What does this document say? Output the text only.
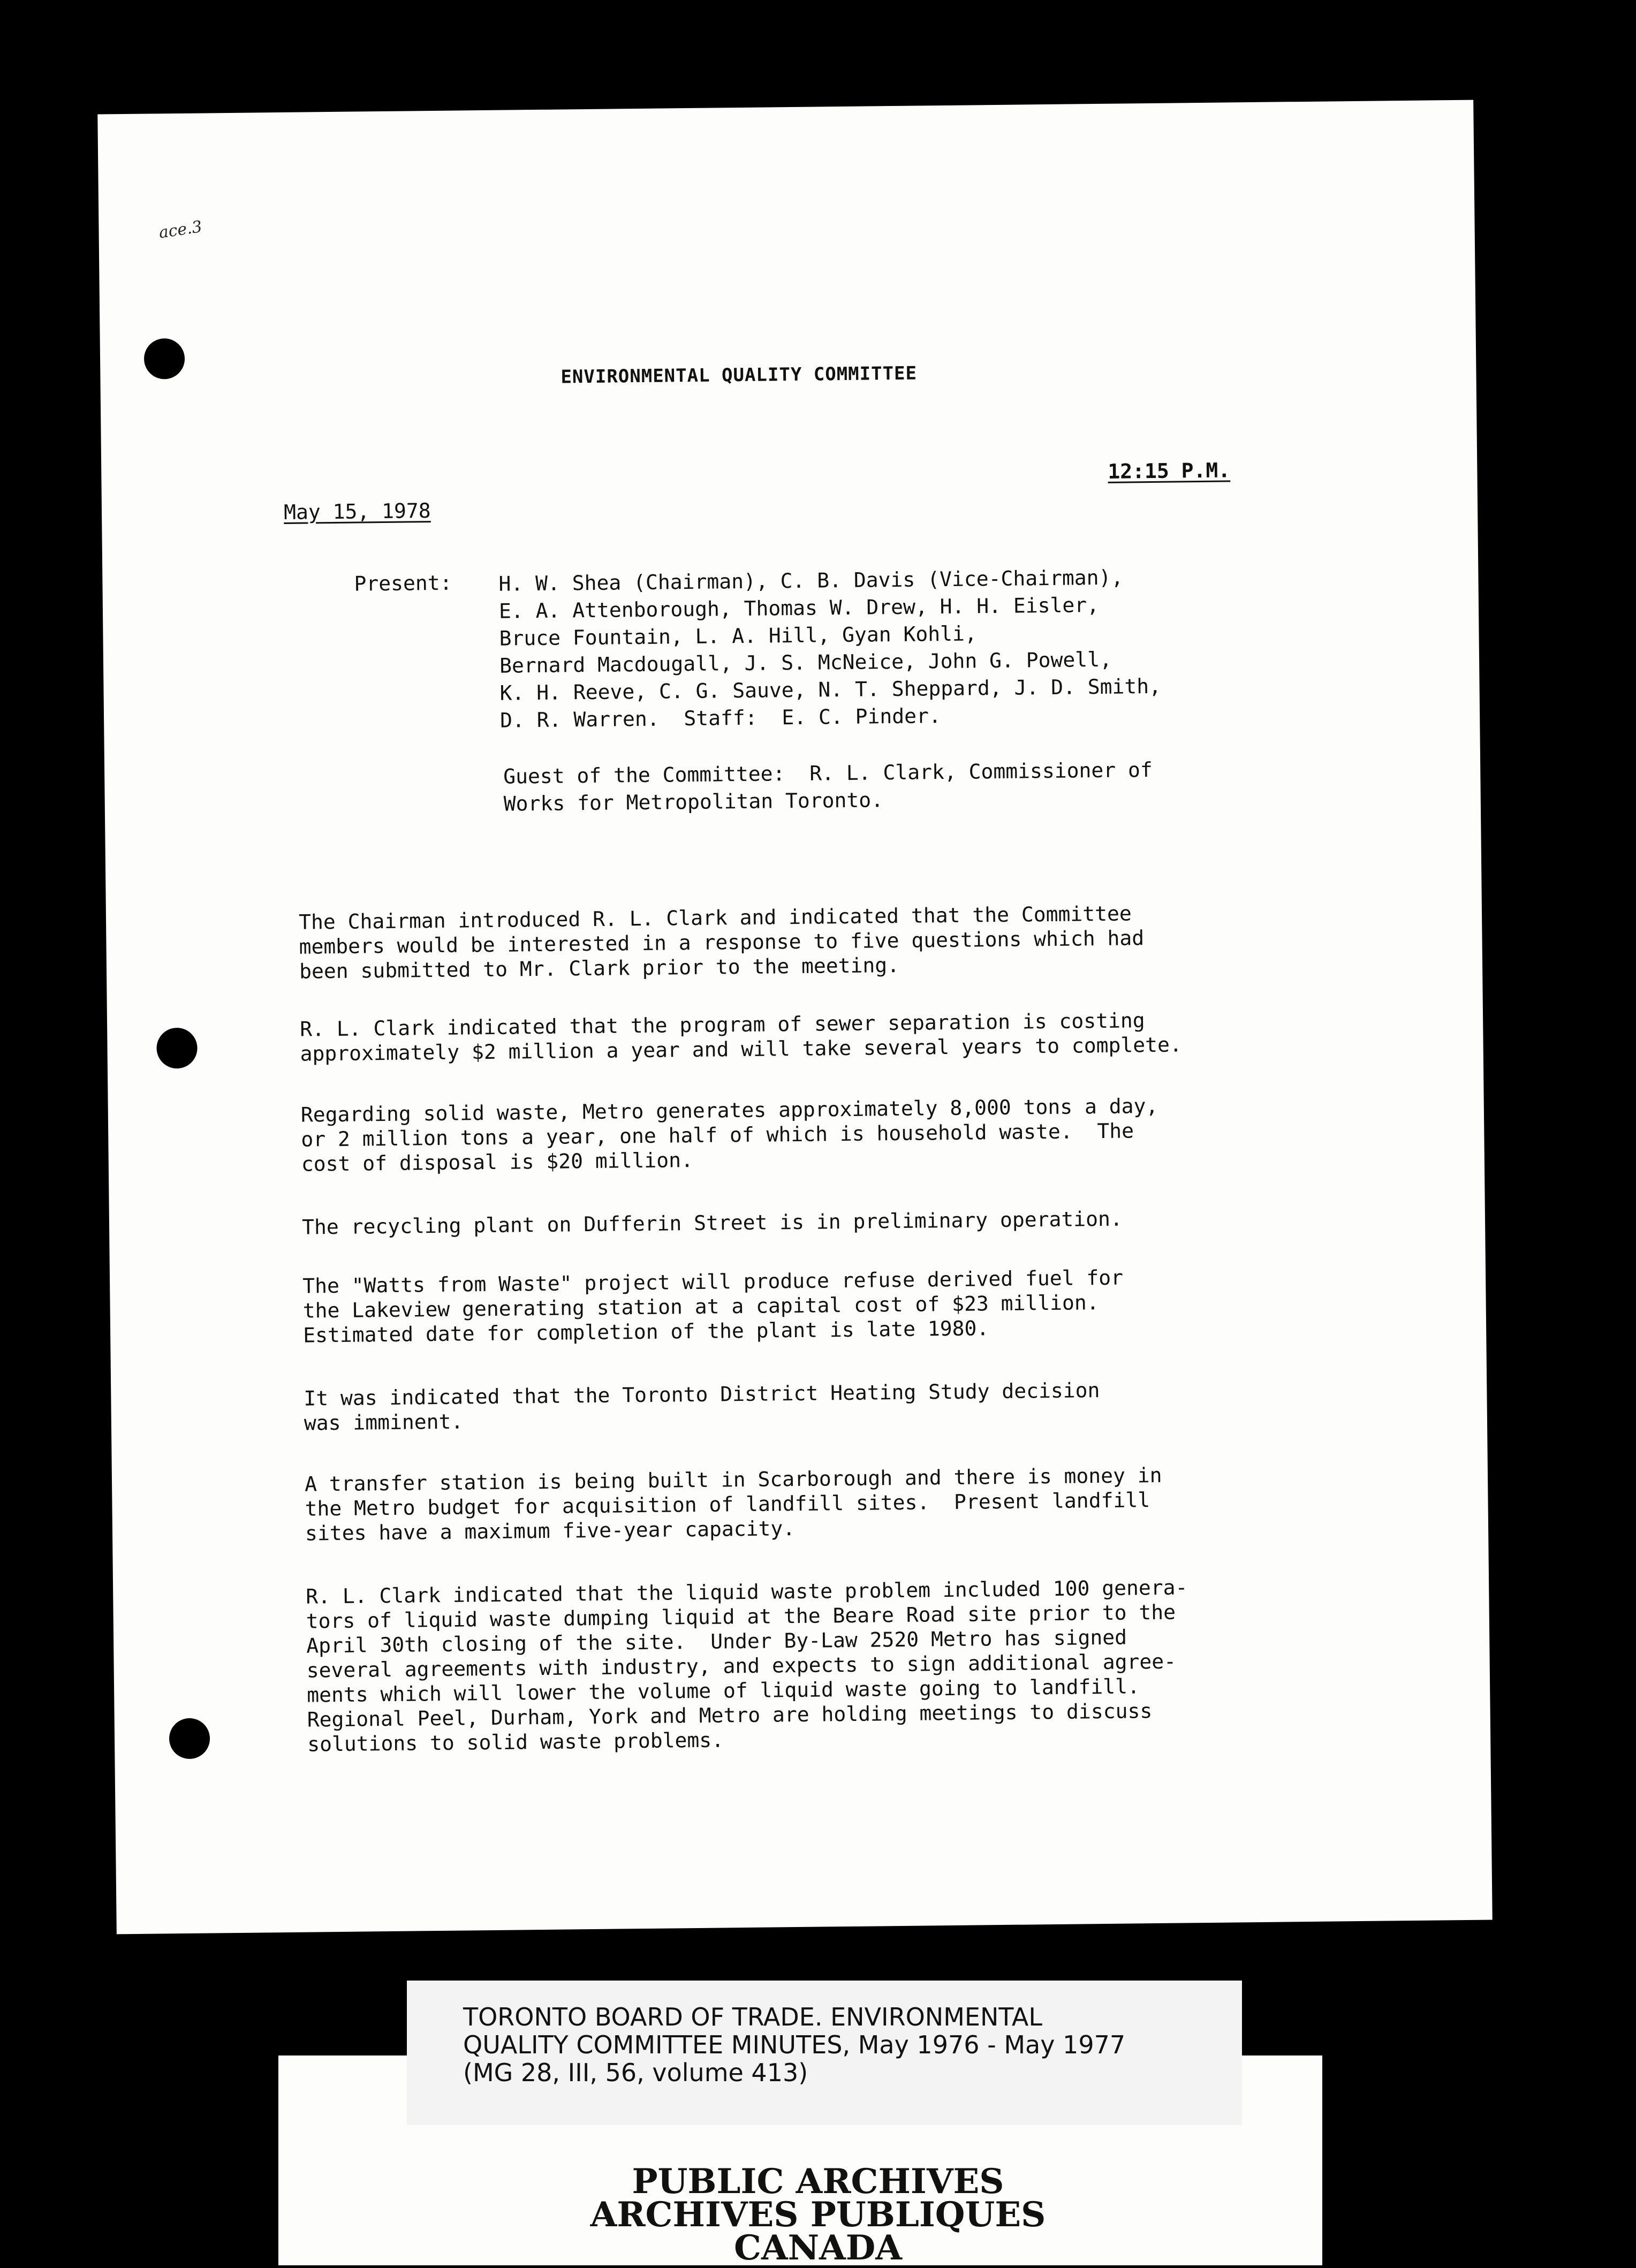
ace.3
ENVIRONMENTAL QUALITY COMMITTEE
12:15 P.M.
May 15, 1978
Present: H. W. Shea (Chairman), C. B. Davis (Vice-Chairman),
E. A. Attenborough, Thomas W. Drew, H. H. Eisler,
Bruce Fountain, L. A. Hill, Gyan Kohli,
Bernard Macdougall, J. S. McNeice, John G. Powell,
K. H. Reeve, C. G. Sauve, N. T. Sheppard, J. D. Smith,
D. R. Warren.  Staff:  E. C. Pinder.
Guest of the Committee:  R. L. Clark, Commissioner of
Works for Metropolitan Toronto.
The Chairman introduced R. L. Clark and indicated that the Committee
members would be interested in a response to five questions which had
been submitted to Mr. Clark prior to the meeting.
R. L. Clark indicated that the program of sewer separation is costing
approximately $2 million a year and will take several years to complete.
Regarding solid waste, Metro generates approximately 8,000 tons a day,
or 2 million tons a year, one half of which is household waste.  The
cost of disposal is $20 million.
The recycling plant on Dufferin Street is in preliminary operation.
The "Watts from Waste" project will produce refuse derived fuel for
the Lakeview generating station at a capital cost of $23 million.
Estimated date for completion of the plant is late 1980.
It was indicated that the Toronto District Heating Study decision
was imminent.
A transfer station is being built in Scarborough and there is money in
the Metro budget for acquisition of landfill sites.  Present landfill
sites have a maximum five-year capacity.
R. L. Clark indicated that the liquid waste problem included 100 genera-
tors of liquid waste dumping liquid at the Beare Road site prior to the
April 30th closing of the site.  Under By-Law 2520 Metro has signed
several agreements with industry, and expects to sign additional agree-
ments which will lower the volume of liquid waste going to landfill.
Regional Peel, Durham, York and Metro are holding meetings to discuss
solutions to solid waste problems.
TORONTO BOARD OF TRADE. ENVIRONMENTAL
QUALITY COMMITTEE MINUTES, May 1976 - May 1977
(MG 28, III, 56, volume 413)
PUBLIC ARCHIVES
ARCHIVES PUBLIQUES
CANADA
